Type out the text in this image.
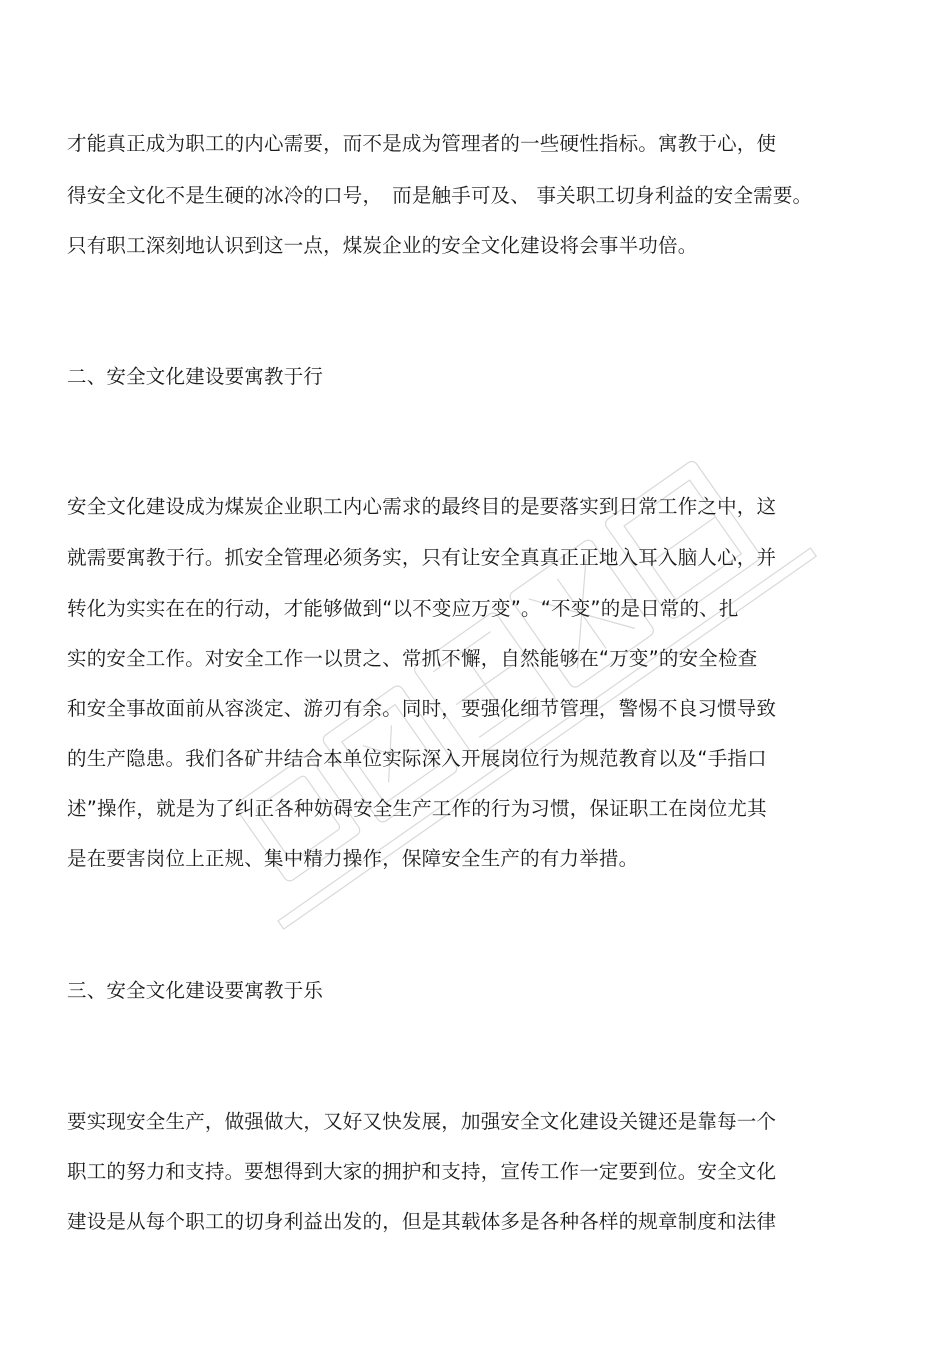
才能真正成为职工的内心需要，而不是成为管理者的一些硬性指标。寓教于心，使
得安全文化不是生硬的冰冷的口号，　而是触手可及、 事关职工切身利益的安全需要。
只有职工深刻地认识到这一点，煤炭企业的安全文化建设将会事半功倍。
二、安全文化建设要寓教于行
安全文化建设成为煤炭企业职工内心需求的最终目的是要落实到日常工作之中，这
就需要寓教于行。抓安全管理必须务实，只有让安全真真正正地入耳入脑人心，并
转化为实实在在的行动，才能够做到“以不变应万变”。“不变”的是日常的、扎
实的安全工作。对安全工作一以贯之、常抓不懈，自然能够在“万变”的安全检查
和安全事故面前从容淡定、游刃有余。同时，要强化细节管理，警惕不良习惯导致
的生产隐患。我们各矿井结合本单位实际深入开展岗位行为规范教育以及“手指口
述”操作，就是为了纠正各种妨碍安全生产工作的行为习惯，保证职工在岗位尤其
是在要害岗位上正规、集中精力操作，保障安全生产的有力举措。
三、安全文化建设要寓教于乐
要实现安全生产，做强做大，又好又快发展，加强安全文化建设关键还是靠每一个
职工的努力和支持。要想得到大家的拥护和支持，宣传工作一定要到位。安全文化
建设是从每个职工的切身利益出发的，但是其载体多是各种各样的规章制度和法律
